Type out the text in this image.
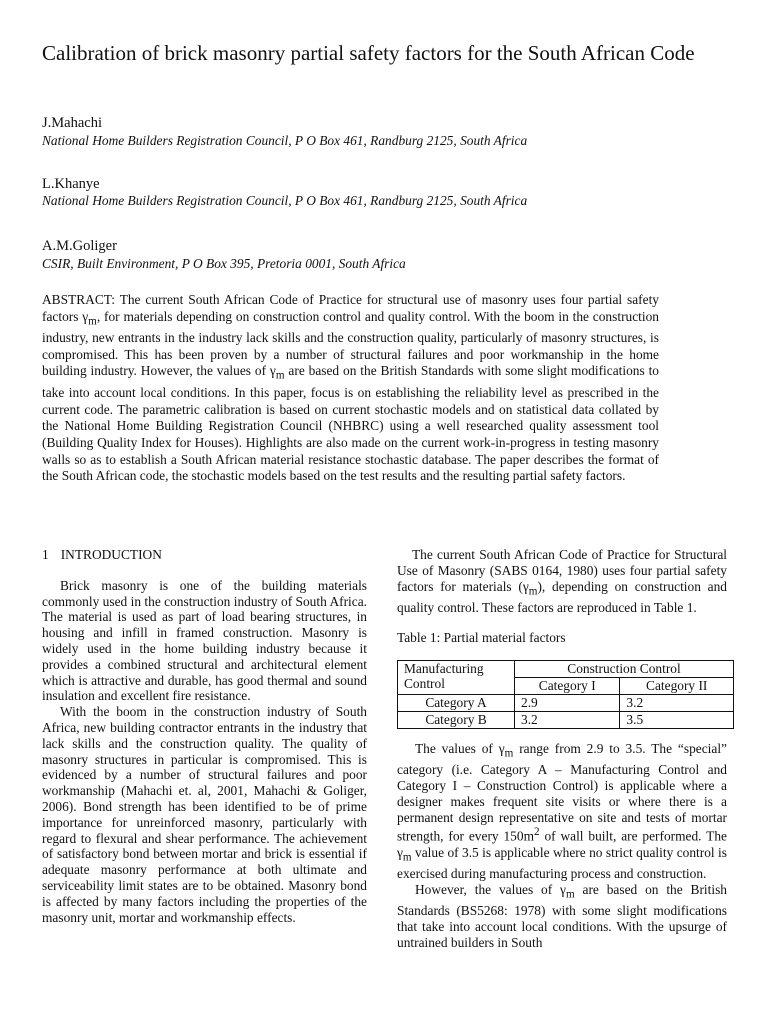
Calibration of brick masonry partial safety factors for the South African Code
J.Mahachi
National Home Builders Registration Council, P O Box 461, Randburg 2125, South Africa
L.Khanye
National Home Builders Registration Council, P O Box 461, Randburg 2125, South Africa
A.M.Goliger
CSIR, Built Environment, P O Box 395, Pretoria 0001, South Africa
ABSTRACT: The current South African Code of Practice for structural use of masonry uses four partial safety factors $\gamma_m$, for materials depending on construction control and quality control. With the boom in the construction industry, new entrants in the industry lack skills and the construction quality, particularly of masonry structures, is compromised. This has been proven by a number of structural failures and poor workmanship in the home building industry. However, the values of $\gamma_m$ are based on the British Standards with some slight modifications to take into account local conditions. In this paper, focus is on establishing the reliability level as prescribed in the current code. The parametric calibration is based on current stochastic models and on statistical data collated by the National Home Building Registration Council (NHBRC) using a well researched quality assessment tool (Building Quality Index for Houses). Highlights are also made on the current work-in-progress in testing masonry walls so as to establish a South African material resistance stochastic database. The paper describes the format of the South African code, the stochastic models based on the test results and the resulting partial safety factors.
1 INTRODUCTION

Brick masonry is one of the building materials commonly used in the construction industry of South Africa. The material is used as part of load bearing structures, in housing and infill in framed construction. Masonry is widely used in the home building industry because it provides a combined structural and architectural element which is attractive and durable, has good thermal and sound insulation and excellent fire resistance.

With the boom in the construction industry of South Africa, new building contractor entrants in the industry that lack skills and the construction quality. The quality of masonry structures in particular is compromised. This is evidenced by a number of structural failures and poor workmanship (Mahachi et. al, 2001, Mahachi & Goliger, 2006). Bond strength has been identified to be of prime importance for unreinforced masonry, particularly with regard to flexural and shear performance. The achievement of satisfactory bond between mortar and brick is essential if adequate masonry performance at both ultimate and serviceability limit states are to be obtained. Masonry bond is affected by many factors including the properties of the masonry unit, mortar and workmanship effects.

The current South African Code of Practice for Structural Use of Masonry (SABS 0164, 1980) uses four partial safety factors for materials $(\gamma_m)$, depending on construction and quality control. These factors are reproduced in Table 1.

Table 1: Partial material factors
Manufacturing Control	Construction Control	
	Category I	Category II
Category A	2.9	3.2
Category B	3.2	3.5

The values of $\gamma_m$ range from 2.9 to 3.5. The “special” category (i.e. Category A – Manufacturing Control and Category I – Construction Control) is applicable where a designer makes frequent site visits or where there is a permanent design representative on site and tests of mortar strength, for every $150m^2$ of wall built, are performed. The $\gamma_m$ value of 3.5 is applicable where no strict quality control is exercised during manufacturing process and construction.

However, the values of $\gamma_m$ are based on the British Standards (BS5268: 1978) with some slight modifications that take into account local conditions. With the upsurge of untrained builders in South
